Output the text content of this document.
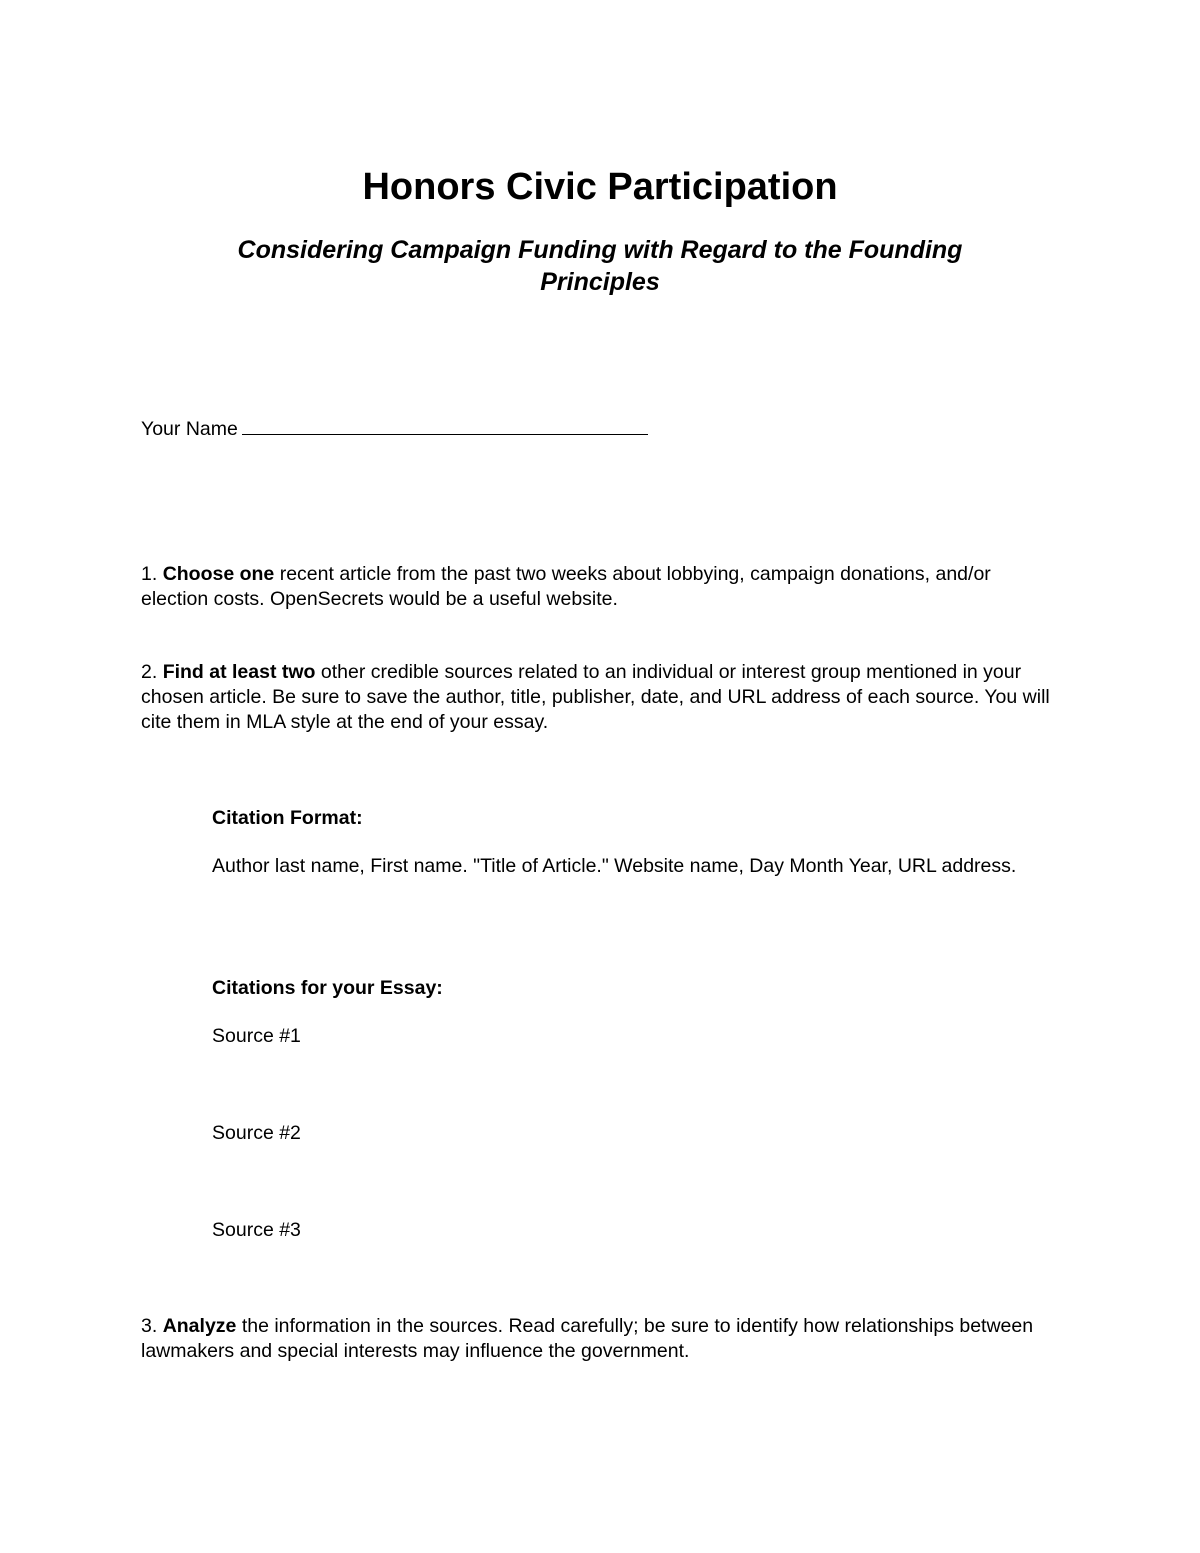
Honors Civic Participation
Considering Campaign Funding with Regard to the Founding Principles

Your Name

1. Choose one recent article from the past two weeks about lobbying, campaign donations, and/or election costs. OpenSecrets would be a useful website.

2. Find at least two other credible sources related to an individual or interest group mentioned in your chosen article. Be sure to save the author, title, publisher, date, and URL address of each source. You will cite them in MLA style at the end of your essay.

Citation Format:

Author last name, First name. "Title of Article." Website name, Day Month Year, URL address.

Citations for your Essay:

Source #1

Source #2

Source #3

3. Analyze the information in the sources. Read carefully; be sure to identify how relationships between lawmakers and special interests may influence the government.
